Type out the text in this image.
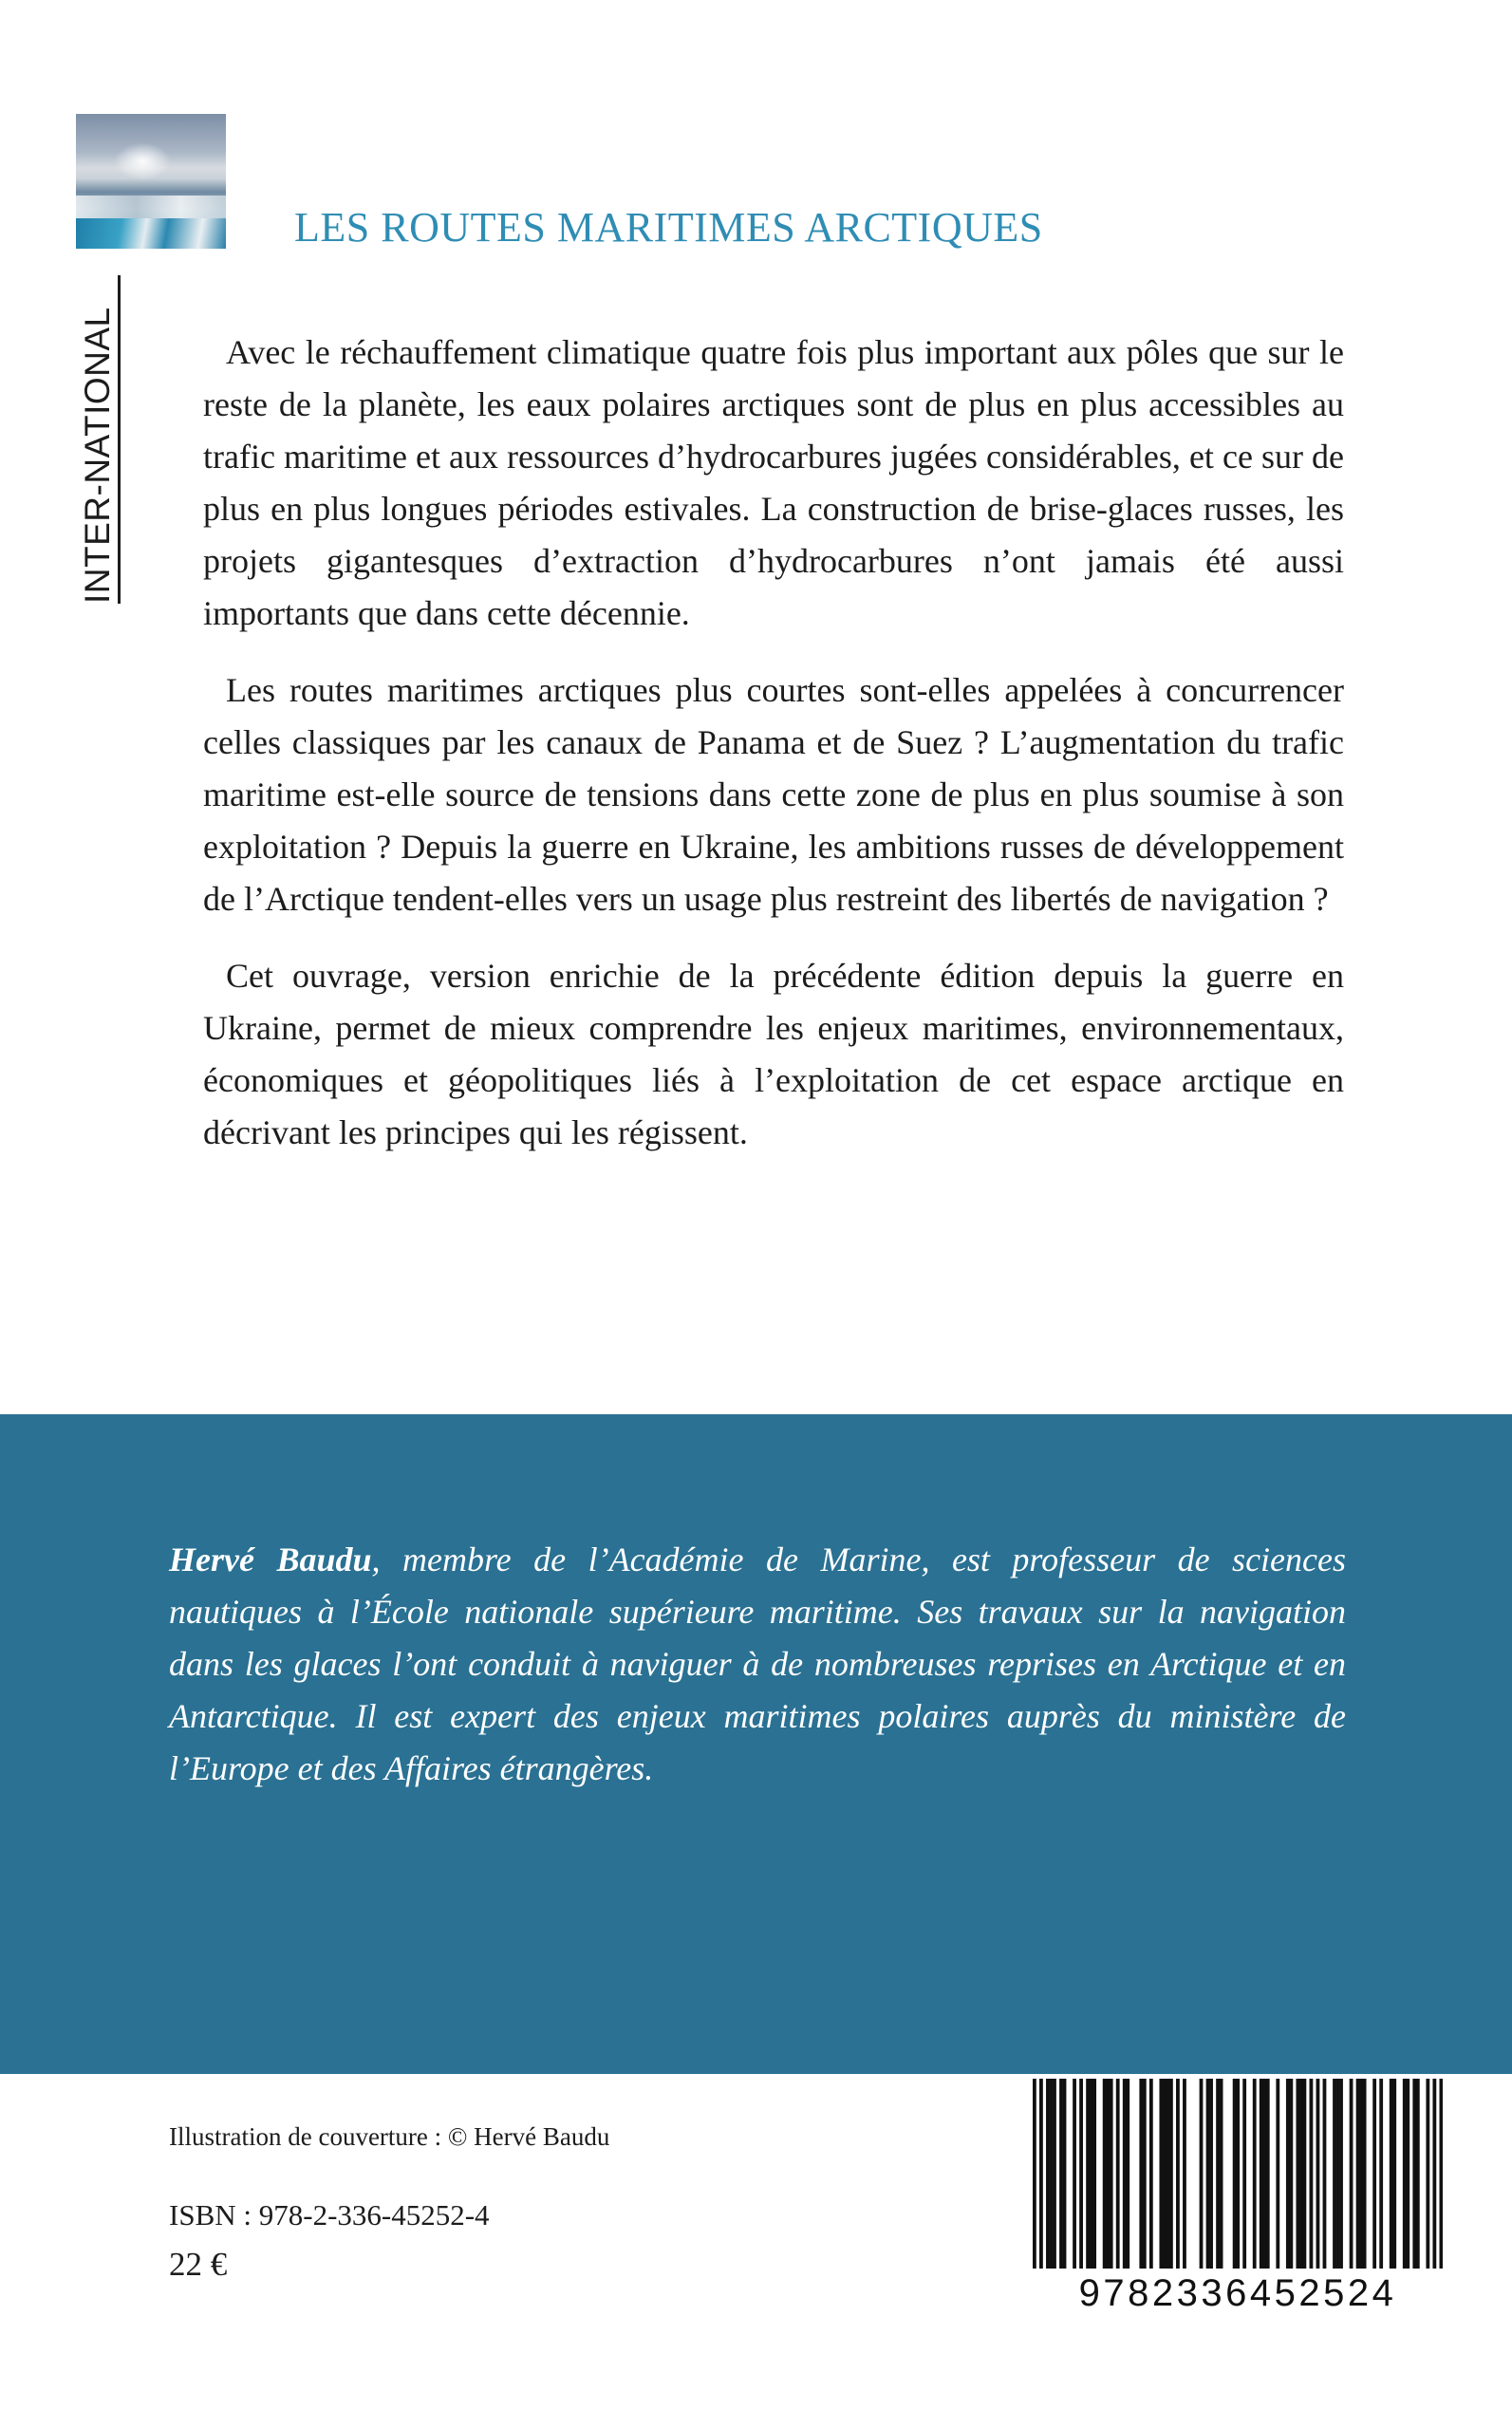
INTER-NATIONAL
LES ROUTES MARITIMES ARCTIQUES

Avec le réchauffement climatique quatre fois plus important aux pôles que sur le reste de la planète, les eaux polaires arctiques sont de plus en plus accessibles au trafic maritime et aux ressources d’hydrocarbures jugées considérables, et ce sur de plus en plus longues périodes estivales. La construction de brise-glaces russes, les projets gigantesques d’extraction d’hydrocarbures n’ont jamais été aussi importants que dans cette décennie.

Les routes maritimes arctiques plus courtes sont-elles appelées à concurrencer celles classiques par les canaux de Panama et de Suez ? L’augmentation du trafic maritime est-elle source de tensions dans cette zone de plus en plus soumise à son exploitation ? Depuis la guerre en Ukraine, les ambitions russes de développement de l’Arctique tendent-elles vers un usage plus restreint des libertés de navigation ?

Cet ouvrage, version enrichie de la précédente édition depuis la guerre en Ukraine, permet de mieux comprendre les enjeux maritimes, environnementaux, économiques et géopolitiques liés à l’exploitation de cet espace arctique en décrivant les principes qui les régissent.

Hervé Baudu, membre de l’Académie de Marine, est professeur de sciences nautiques à l’École nationale supérieure maritime. Ses travaux sur la navigation dans les glaces l’ont conduit à naviguer à de nombreuses reprises en Arctique et en Antarctique. Il est expert des enjeux maritimes polaires auprès du ministère de l’Europe et des Affaires étrangères.
Illustration de couverture : © Hervé Baudu
ISBN : 978-2-336-45252-4
22 €
9782336452524
